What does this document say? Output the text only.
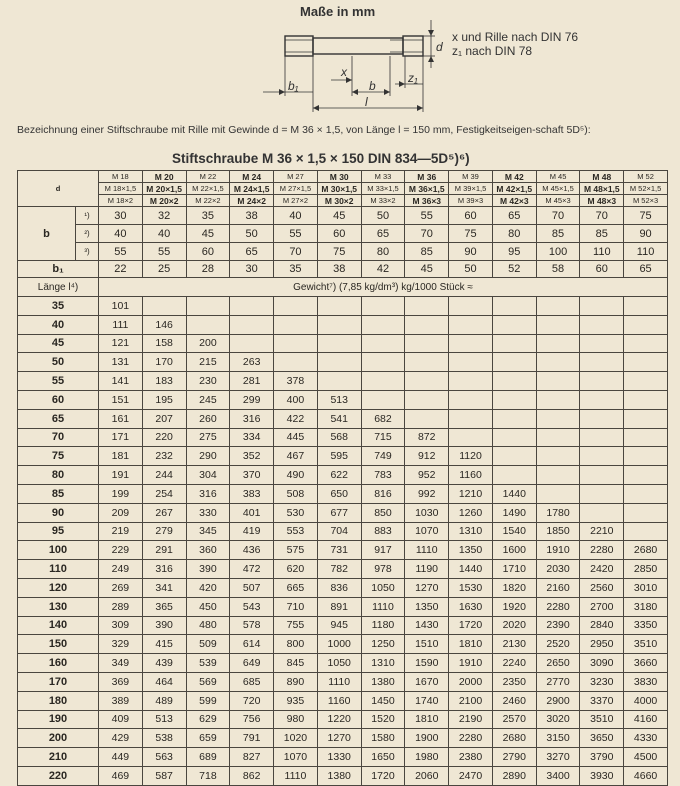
Maße in mm
d
b₁
x
b
z₁
l
x und Rille nach DIN 76
z₁ nach DIN 78
Bezeichnung einer Stiftschraube mit Rille mit Gewinde d = M 36 × 1,5, von Länge l = 150 mm, Festigkeitseigen-schaft 5D⁵):
Stiftschraube M 36 × 1,5 × 150 DIN 834—5D⁵)⁶)
d		M 18	M 20	M 22	M 24	M 27	M 30	M 33	M 36	M 39	M 42	M 45	M 48	M 52
		M 18×1,5	M 20×1,5	M 22×1,5	M 24×1,5	M 27×1,5	M 30×1,5	M 33×1,5	M 36×1,5	M 39×1,5	M 42×1,5	M 45×1,5	M 48×1,5	M 52×1,5
		M 18×2	M 20×2	M 22×2	M 24×2	M 27×2	M 30×2	M 33×2	M 36×3	M 39×3	M 42×3	M 45×3	M 48×3	M 52×3
b	¹)	30	32	35	38	40	45	50	55	60	65	70	70	75
	²)	40	40	45	50	55	60	65	70	75	80	85	85	90
	³)	55	55	60	65	70	75	80	85	90	95	100	110	110
b₁		22	25	28	30	35	38	42	45	50	52	58	60	65
Länge l⁴)		Gewicht⁷) (7,85 kg/dm³) kg/1000 Stück ≈												
35		101												
40		111	146											
45		121	158	200										
50		131	170	215	263									
55		141	183	230	281	378								
60		151	195	245	299	400	513							
65		161	207	260	316	422	541	682						
70		171	220	275	334	445	568	715	872					
75		181	232	290	352	467	595	749	912	1120				
80		191	244	304	370	490	622	783	952	1160				
85		199	254	316	383	508	650	816	992	1210	1440			
90		209	267	330	401	530	677	850	1030	1260	1490	1780		
95		219	279	345	419	553	704	883	1070	1310	1540	1850	2210	
100		229	291	360	436	575	731	917	1110	1350	1600	1910	2280	2680
110		249	316	390	472	620	782	978	1190	1440	1710	2030	2420	2850
120		269	341	420	507	665	836	1050	1270	1530	1820	2160	2560	3010
130		289	365	450	543	710	891	1110	1350	1630	1920	2280	2700	3180
140		309	390	480	578	755	945	1180	1430	1720	2020	2390	2840	3350
150		329	415	509	614	800	1000	1250	1510	1810	2130	2520	2950	3510
160		349	439	539	649	845	1050	1310	1590	1910	2240	2650	3090	3660
170		369	464	569	685	890	1110	1380	1670	2000	2350	2770	3230	3830
180		389	489	599	720	935	1160	1450	1740	2100	2460	2900	3370	4000
190		409	513	629	756	980	1220	1520	1810	2190	2570	3020	3510	4160
200		429	538	659	791	1020	1270	1580	1900	2280	2680	3150	3650	4330
210		449	563	689	827	1070	1330	1650	1980	2380	2790	3270	3790	4500
220		469	587	718	862	1110	1380	1720	2060	2470	2890	3400	3930	4660
